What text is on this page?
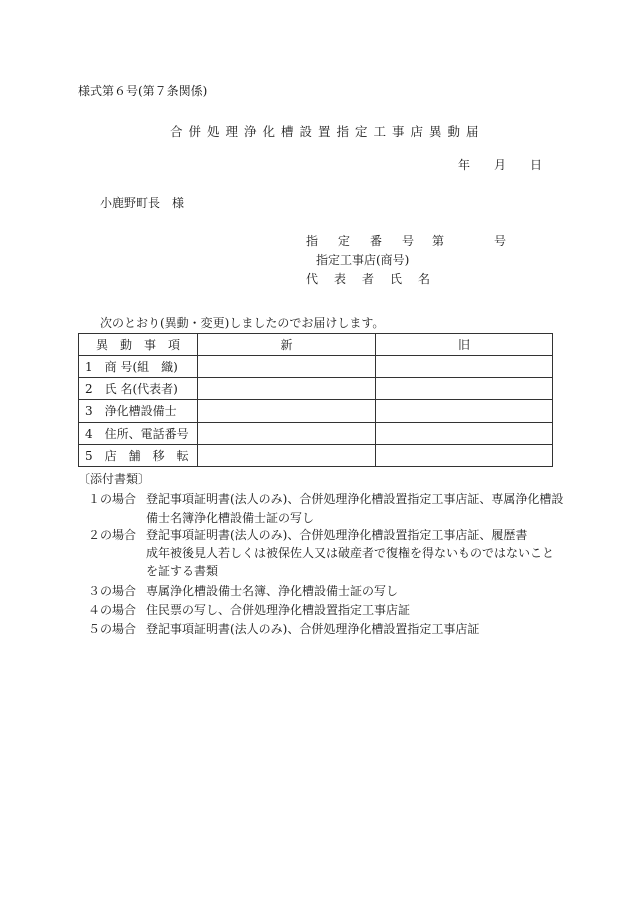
様式第６号(第７条関係)
合併処理浄化槽設置指定工事店異動届
年 月 日
小鹿野町長　様
指　定　番　号 第	号
指定工事店(商号)
代　表　者　氏　名
次のとおり(異動・変更)しましたのでお届けします。
異　動　事　項	新	旧
1　商 号(組　織)		
2　氏 名(代表者)		
3　浄化槽設備士		
4　住所、電話番号		
5　店　舗　移　転		
〔添付書類〕
１の場合 登記事項証明書(法人のみ)、合併処理浄化槽設置指定工事店証、専属浄化槽設
備士名簿浄化槽設備士証の写し
２の場合 登記事項証明書(法人のみ)、合併処理浄化槽設置指定工事店証、履歴書
成年被後見人若しくは被保佐人又は破産者で復権を得ないものではないこと
を証する書類
３の場合 専属浄化槽設備士名簿、浄化槽設備士証の写し
４の場合 住民票の写し、合併処理浄化槽設置指定工事店証
５の場合 登記事項証明書(法人のみ)、合併処理浄化槽設置指定工事店証
